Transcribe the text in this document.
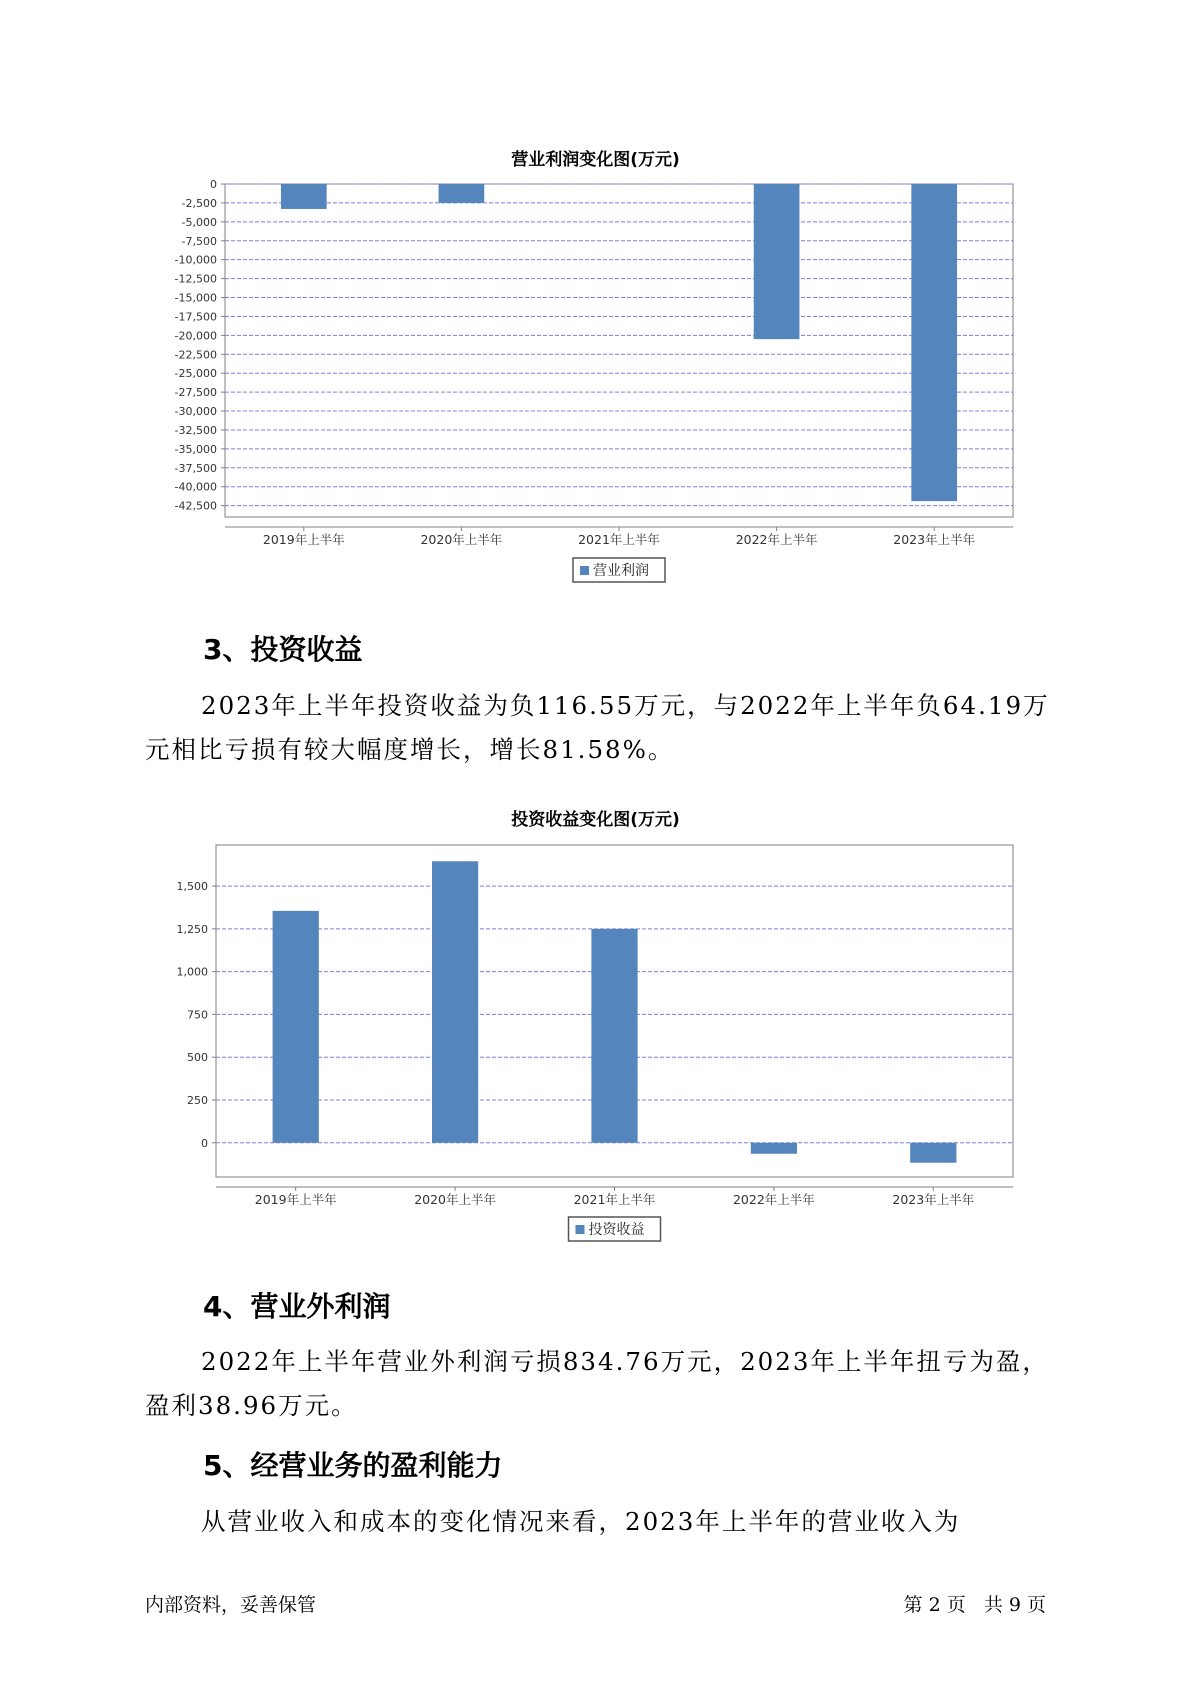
营业利润变化图(万元)
0
-2,500
-5,000
-7,500
-10,000
-12,500
-15,000
-17,500
-20,000
-22,500
-25,000
-27,500
-30,000
-32,500
-35,000
-37,500
-40,000
-42,500
2019年上半年	2020年上半年	2021年上半年	2022年上半年	2023年上半年
营业利润
3、投资收益

2023年上半年投资收益为负116.55万元，与2022年上半年负64.19万元相比亏损有较大幅度增长，增长81.58%。

投资收益变化图(万元)
1,500
1,250
1,000
750
500
250
0
2019年上半年	2020年上半年	2021年上半年	2022年上半年	2023年上半年
投资收益
4、营业外利润

2022年上半年营业外利润亏损834.76万元，2023年上半年扭亏为盈，盈利38.96万元。

5、经营业务的盈利能力

从营业收入和成本的变化情况来看，2023年上半年的营业收入为

内部资料，妥善保管	第 2 页   共 9 页
